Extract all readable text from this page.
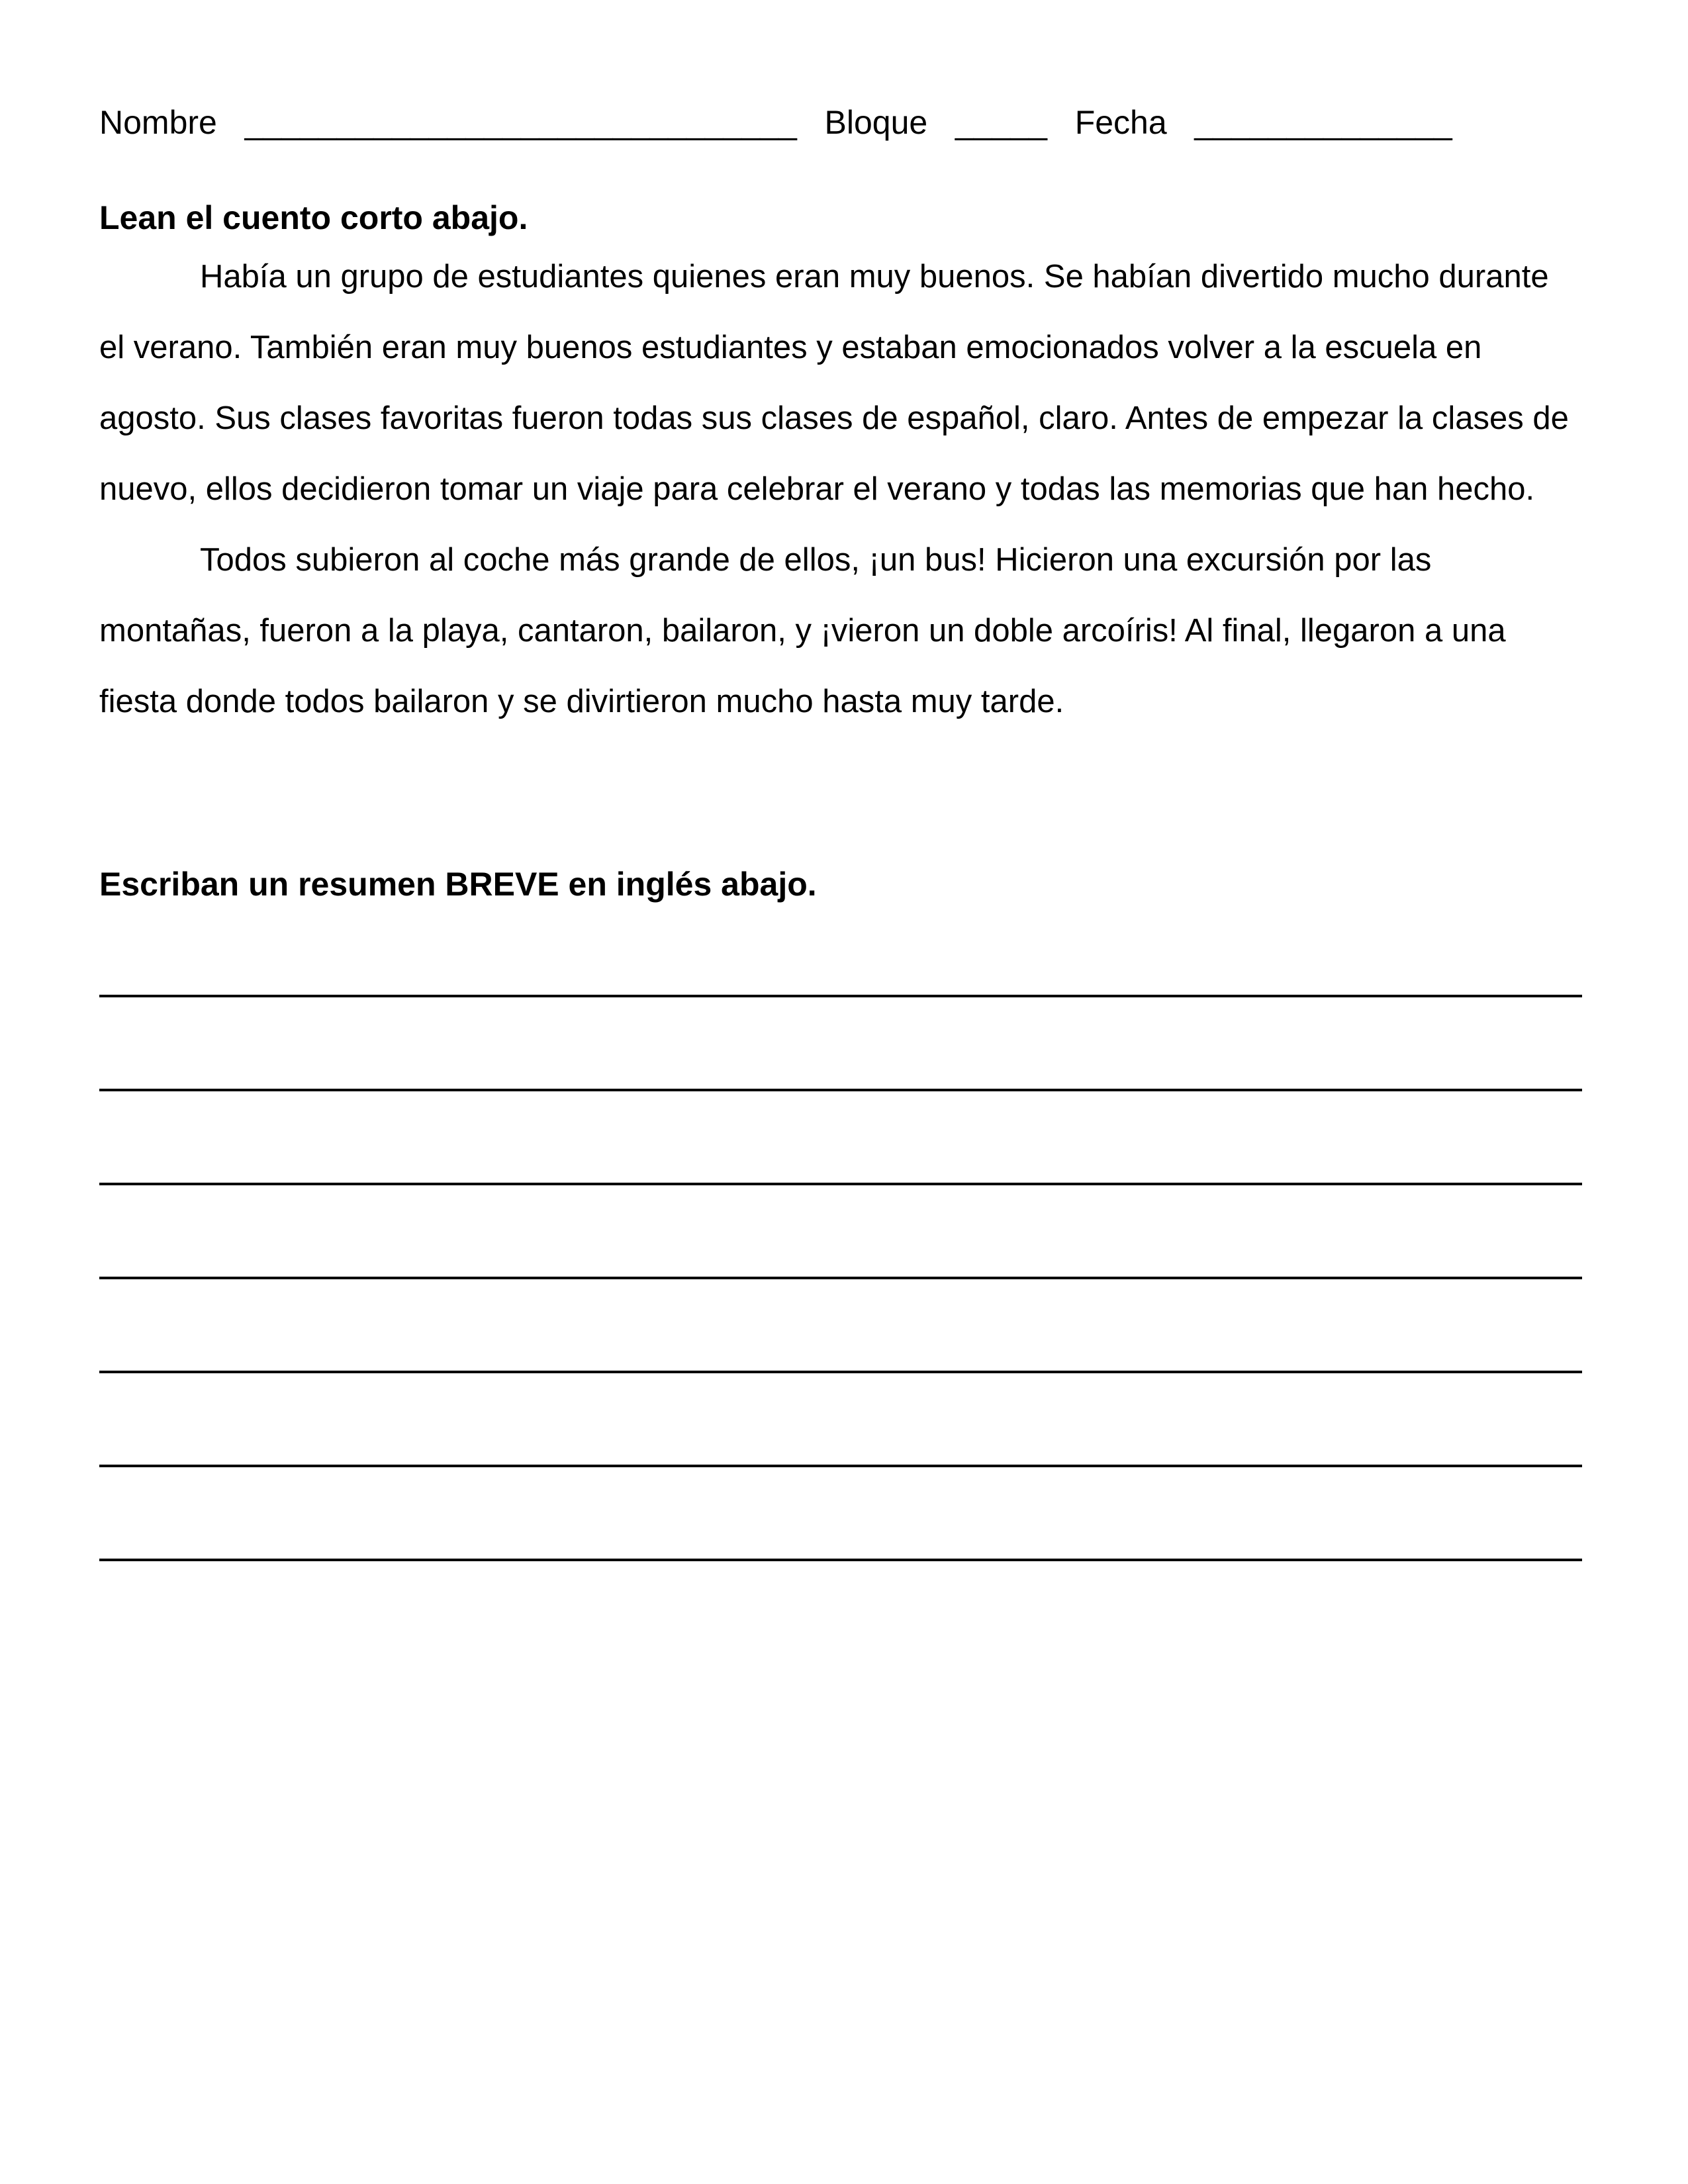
Nombre ______________________________ Bloque _____ Fecha ______________
Lean el cuento corto abajo.

Había un grupo de estudiantes quienes eran muy buenos. Se habían divertido mucho durante el verano. También eran muy buenos estudiantes y estaban emocionados volver a la escuela en agosto. Sus clases favoritas fueron todas sus clases de español, claro. Antes de empezar la clases de nuevo, ellos decidieron tomar un viaje para celebrar el verano y todas las memorias que han hecho.

Todos subieron al coche más grande de ellos, ¡un bus! Hicieron una excursión por las montañas, fueron a la playa, cantaron, bailaron, y ¡vieron un doble arcoíris! Al final, llegaron a una fiesta donde todos bailaron y se divirtieron mucho hasta muy tarde.

Escriban un resumen BREVE en inglés abajo.
